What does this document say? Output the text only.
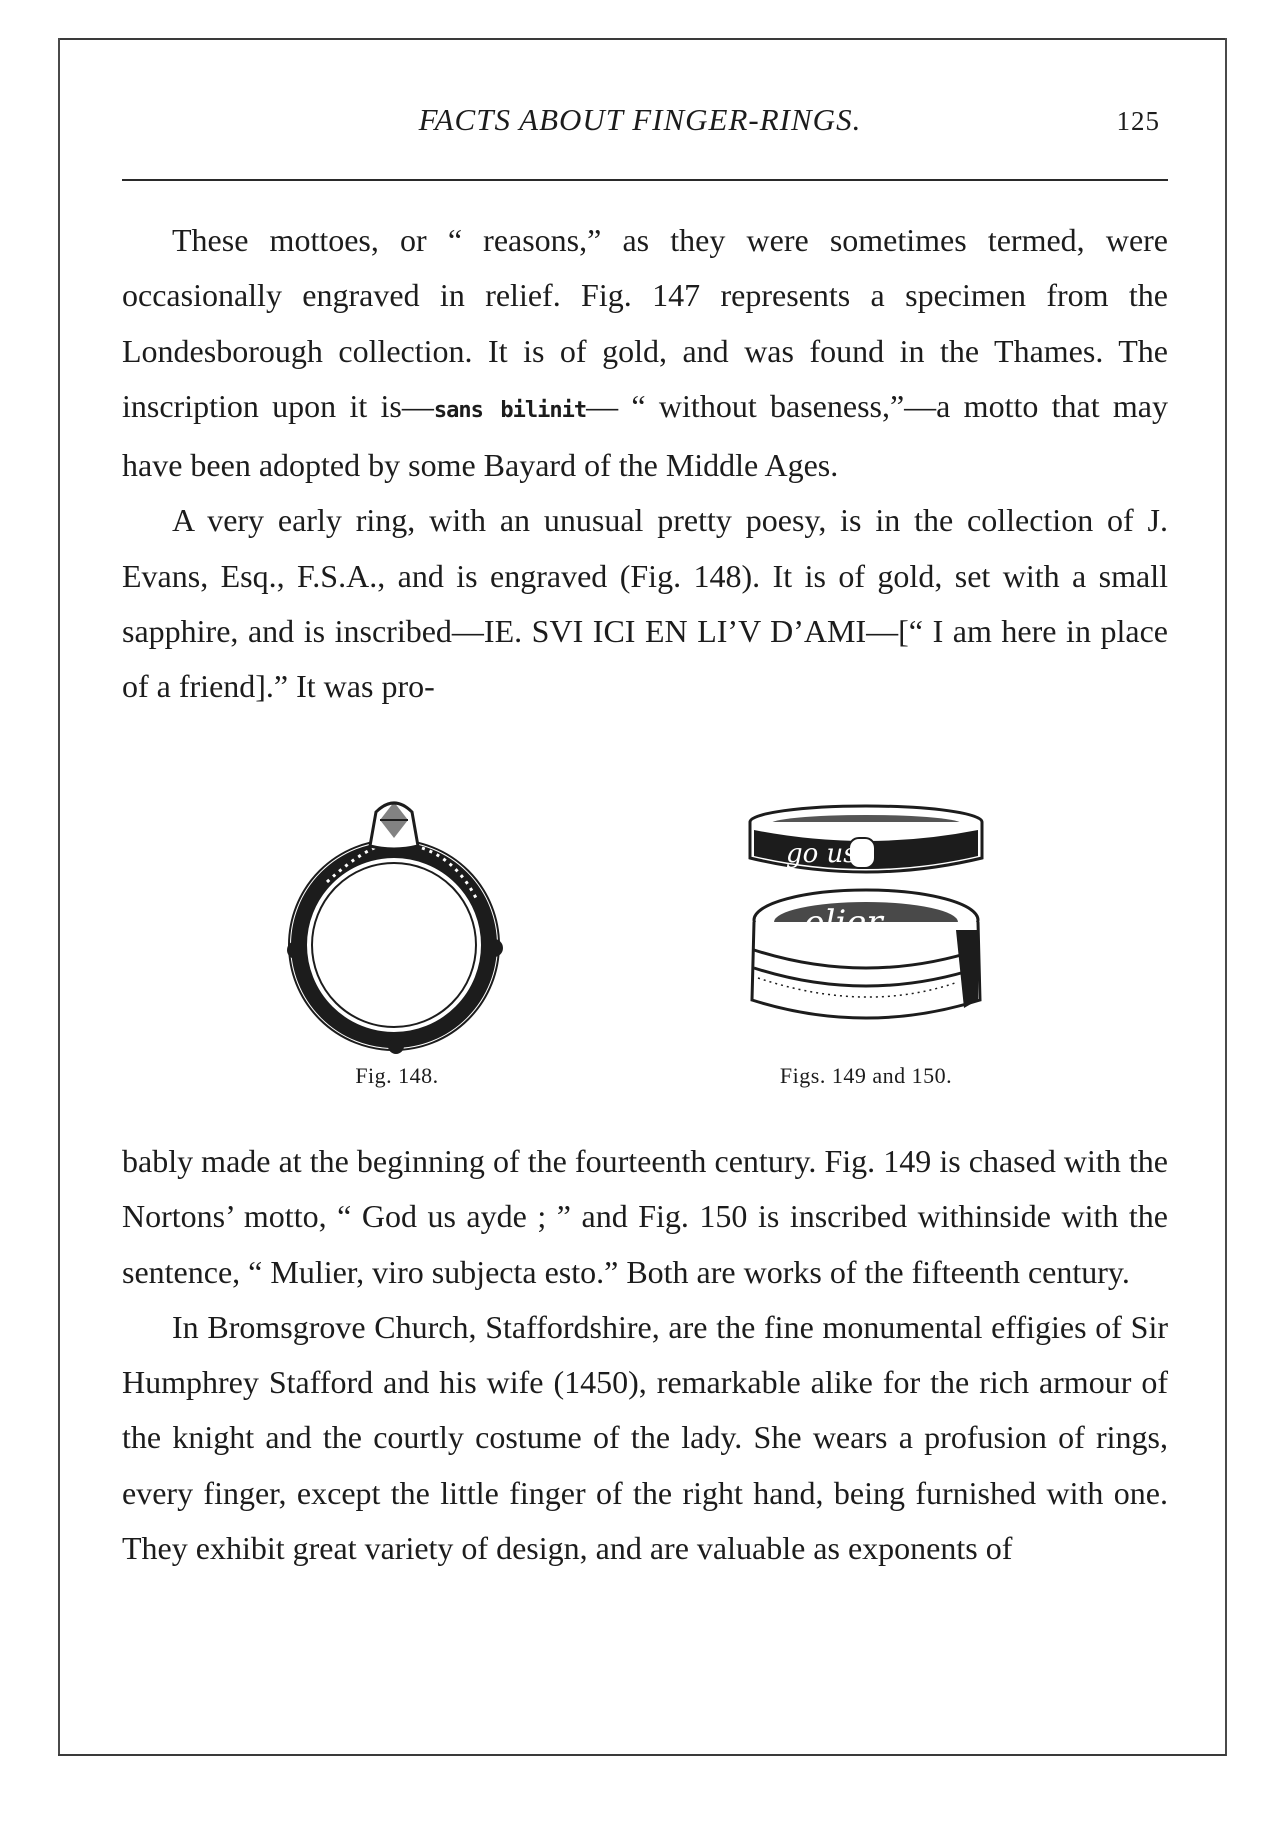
FACTS ABOUT FINGER-RINGS.	125

These mottoes, or “ reasons,” as they were sometimes termed, were occasionally engraved in relief. Fig. 147 represents a specimen from the Londesborough collection. It is of gold, and was found in the Thames. The inscription upon it is—sans bilinit— “ without baseness,”—a motto that may have been adopted by some Bayard of the Middle Ages.

A very early ring, with an unusual pretty poesy, is in the collection of J. Evans, Esq., F.S.A., and is engraved (Fig. 148). It is of gold, set with a small sapphire, and is inscribed—IE. SVI ICI ЕN LI’V D’AMI—[“ I am here in place of a friend].” It was pro-

Fig. 148.
go us
Figs. 149 and 150.

bably made at the beginning of the fourteenth century. Fig. 149 is chased with the Nortons’ motto, “ God us ayde ; ” and Fig. 150 is inscribed withinside with the sentence, “ Mulier, viro subjecta esto.” Both are works of the fifteenth century.

In Bromsgrove Church, Staffordshire, are the fine monumental effigies of Sir Humphrey Stafford and his wife (1450), remarkable alike for the rich armour of the knight and the courtly costume of the lady. She wears a profusion of rings, every finger, except the little finger of the right hand, being furnished with one. They exhibit great variety of design, and are valuable as exponents of
